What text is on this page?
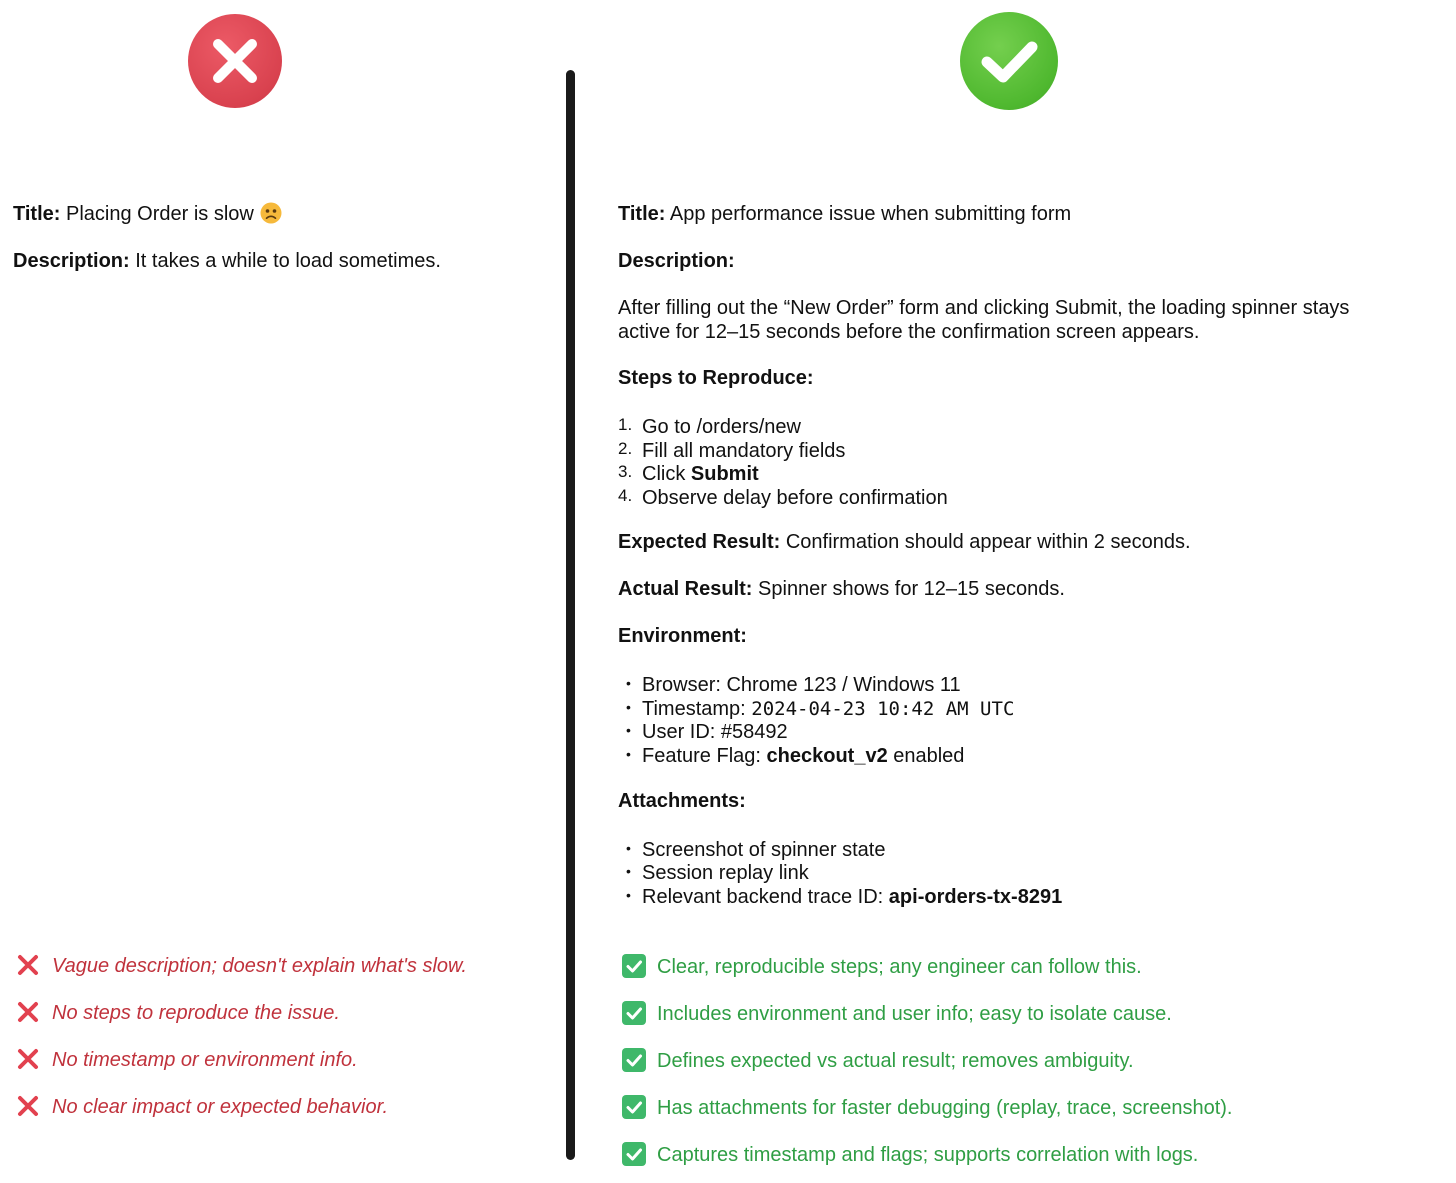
Title: Placing Order is slow
Description: It takes a while to load sometimes.
Vague description; doesn't explain what's slow.
No steps to reproduce the issue.
No timestamp or environment info.
No clear impact or expected behavior.
Title: App performance issue when submitting form
Description:
After filling out the “New Order” form and clicking Submit, the loading spinner stays
active for 12–15 seconds before the confirmation screen appears.
Steps to Reproduce:
1. Go to /orders/new
2. Fill all mandatory fields
3. Click Submit
4. Observe delay before confirmation
Expected Result: Confirmation should appear within 2 seconds.
Actual Result: Spinner shows for 12–15 seconds.
Environment:
• Browser: Chrome 123 / Windows 11
• Timestamp: 2024-04-23 10:42 AM UTC
• User ID: #58492
• Feature Flag: checkout_v2 enabled
Attachments:
• Screenshot of spinner state
• Session replay link
• Relevant backend trace ID: api-orders-tx-8291
Clear, reproducible steps; any engineer can follow this.
Includes environment and user info; easy to isolate cause.
Defines expected vs actual result; removes ambiguity.
Has attachments for faster debugging (replay, trace, screenshot).
Captures timestamp and flags; supports correlation with logs.
